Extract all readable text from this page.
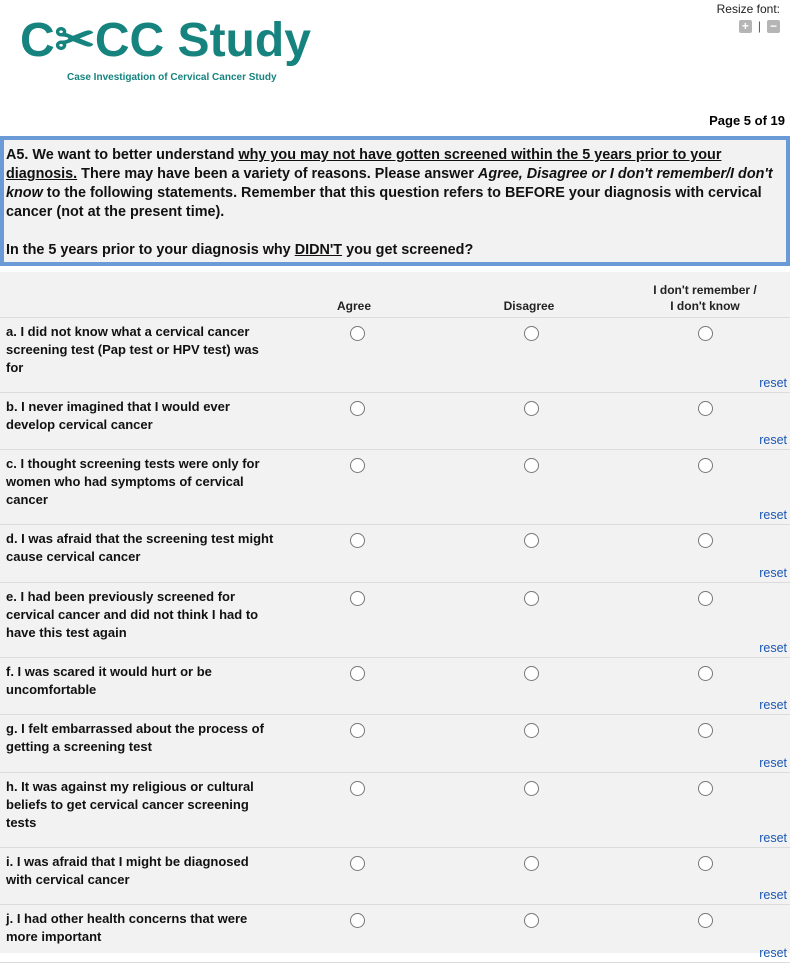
C✂CC Study
Case Investigation of Cervical Cancer Study
Resize font:
+ | −
Page 5 of 19
A5. We want to better understand why you may not have gotten screened within the 5 years prior to your diagnosis. There may have been a variety of reasons. Please answer Agree, Disagree or I don't remember/I don't know to the following statements. Remember that this question refers to BEFORE your diagnosis with cervical cancer (not at the present time).
In the 5 years prior to your diagnosis why DIDN'T you get screened?
Agree	Disagree
I don't remember /
I don't know
a. I did not know what a cervical cancer screening test (Pap test or HPV test) was for
reset
b. I never imagined that I would ever develop cervical cancer
reset
c. I thought screening tests were only for women who had symptoms of cervical cancer
reset
d. I was afraid that the screening test might cause cervical cancer
reset
e. I had been previously screened for cervical cancer and did not think I had to have this test again
reset
f. I was scared it would hurt or be uncomfortable
reset
g. I felt embarrassed about the process of getting a screening test
reset
h. It was against my religious or cultural beliefs to get cervical cancer screening tests
reset
i. I was afraid that I might be diagnosed with cervical cancer
reset
j. I had other health concerns that were more important
reset
